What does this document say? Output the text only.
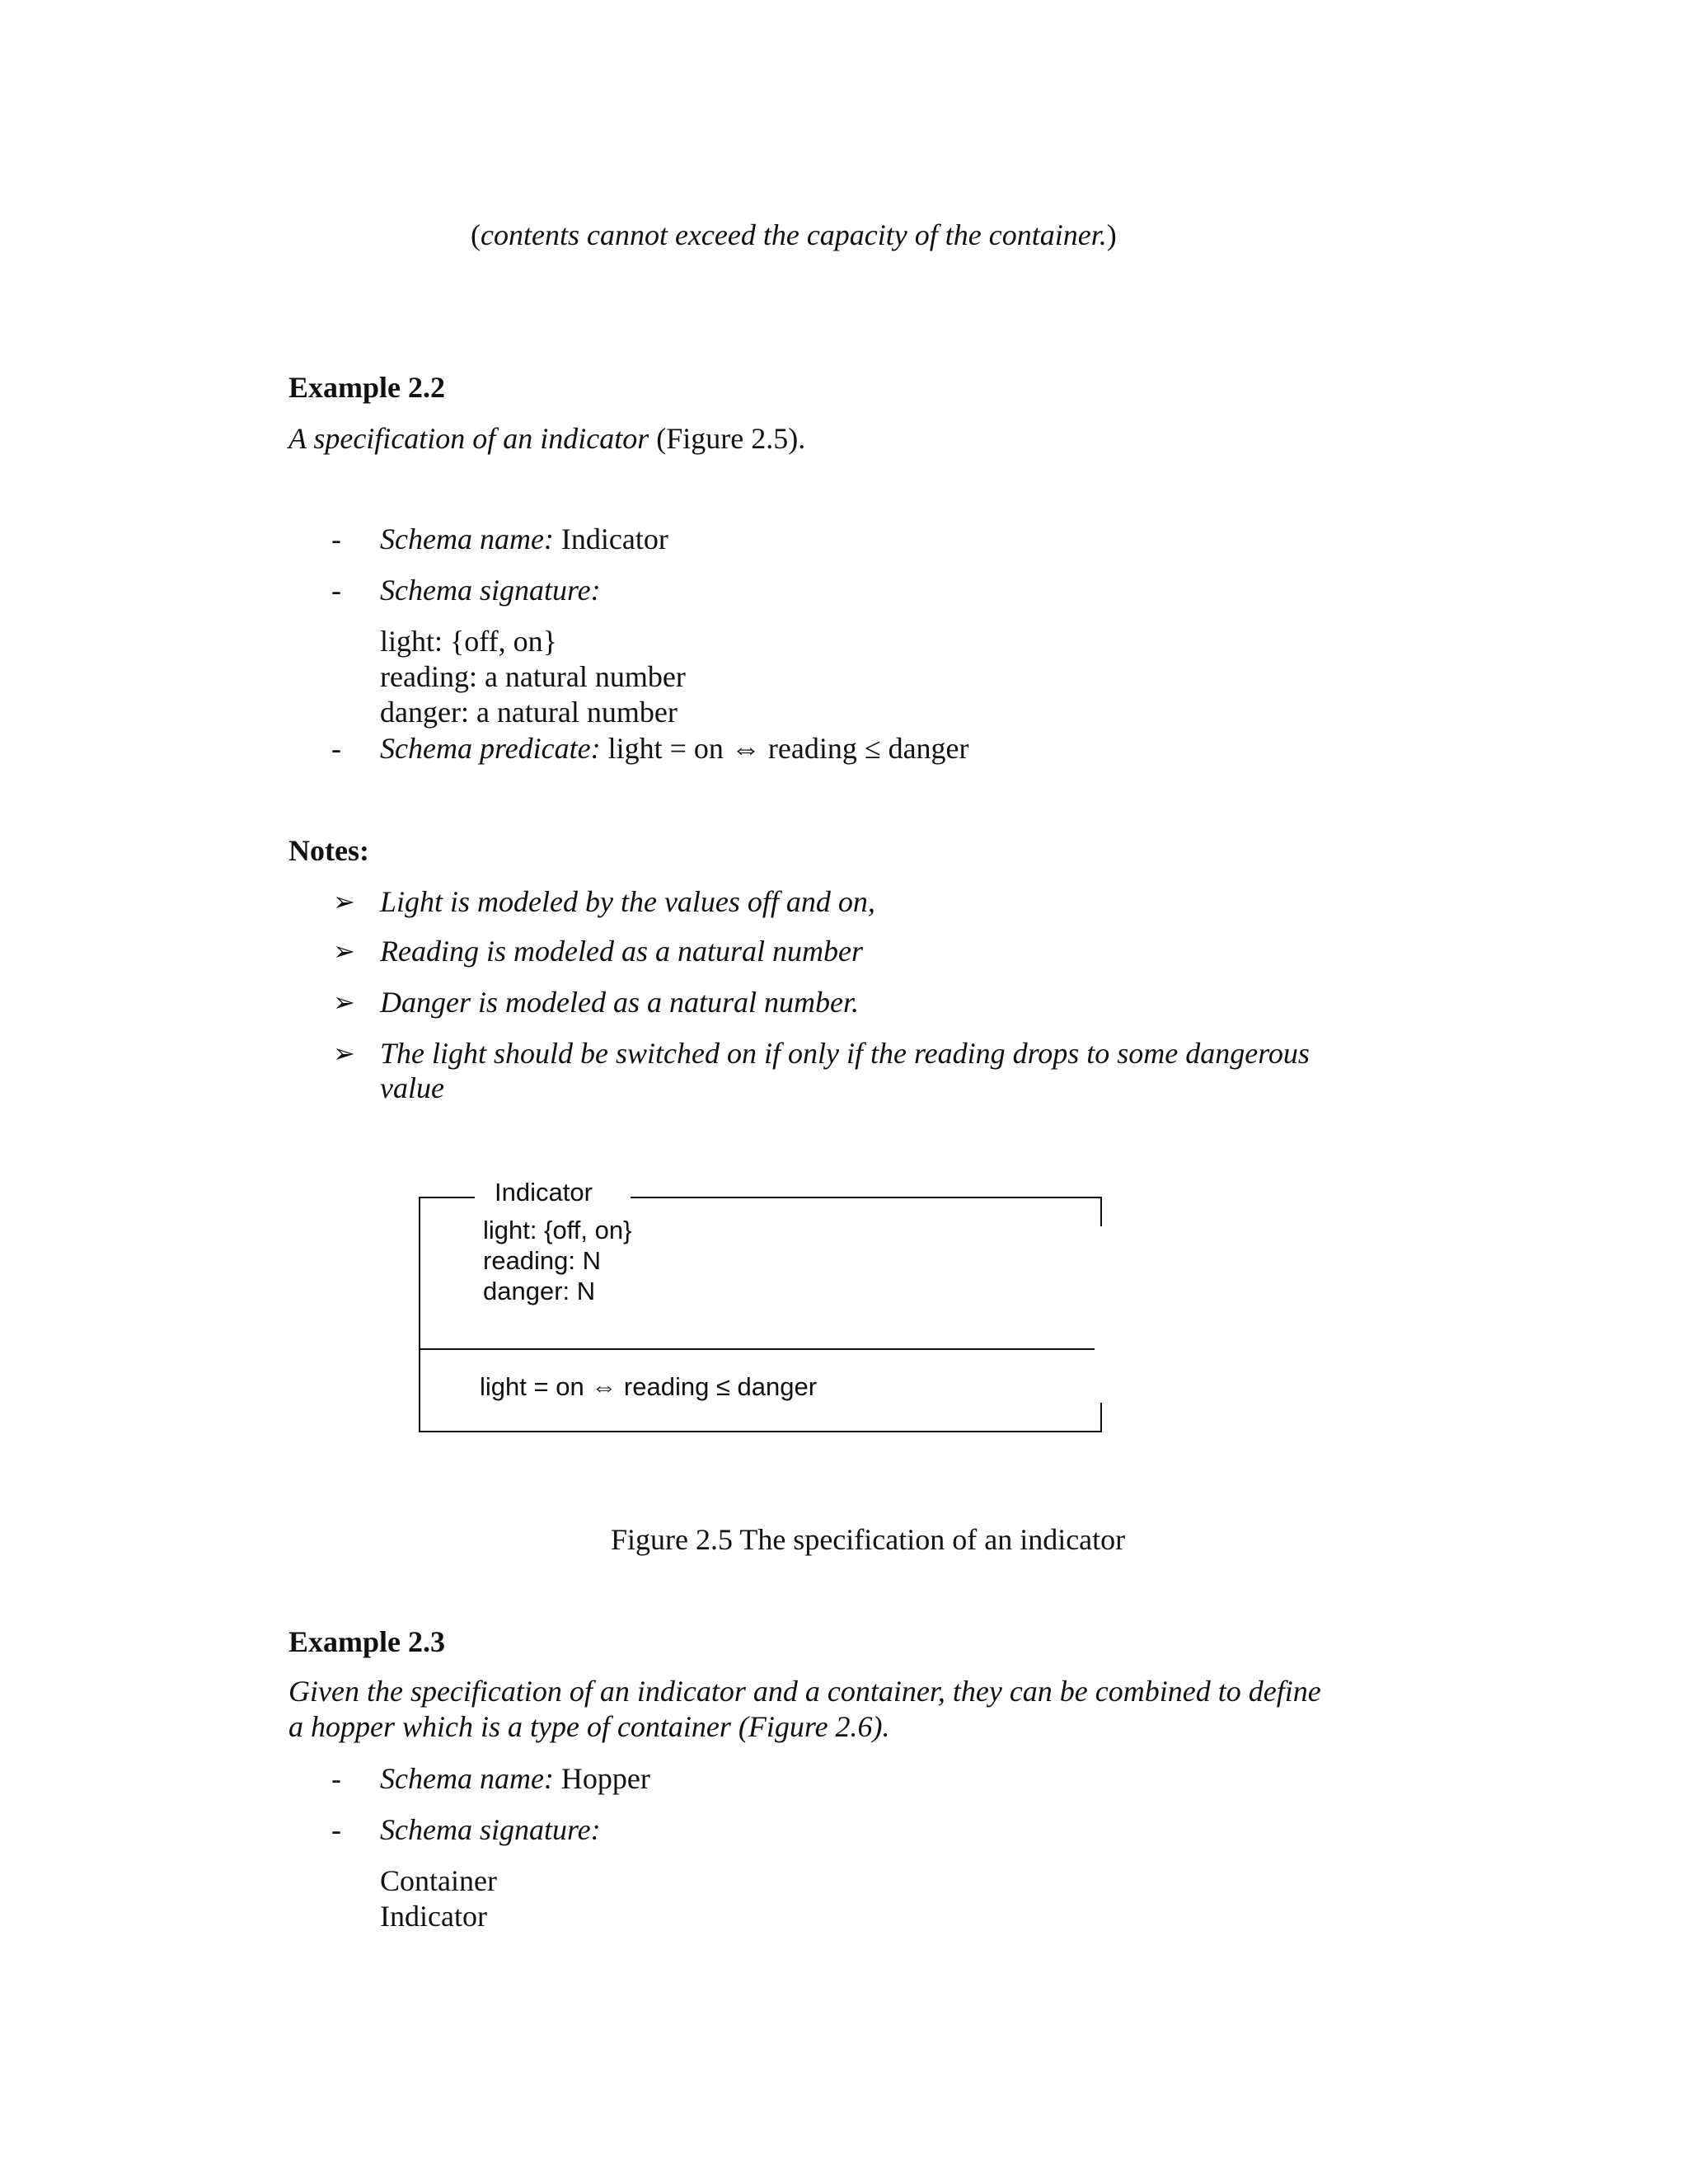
(contents cannot exceed the capacity of the container.)
Example 2.2
A specification of an indicator (Figure 2.5).
- Schema name: Indicator
- Schema signature:
light: {off, on}
reading: a natural number
danger: a natural number
- Schema predicate: light = on ⇔ reading ≤ danger
Notes:
➢ Light is modeled by the values off and on,
➢ Reading is modeled as a natural number
➢ Danger is modeled as a natural number.
➢ The light should be switched on if only if the reading drops to some dangerous
value
Indicator
light: {off, on}
reading: N
danger: N
light = on ⇔ reading ≤ danger
Figure 2.5 The specification of an indicator
Example 2.3
Given the specification of an indicator and a container, they can be combined to define
a hopper which is a type of container (Figure 2.6).
- Schema name: Hopper
- Schema signature:
Container
Indicator
